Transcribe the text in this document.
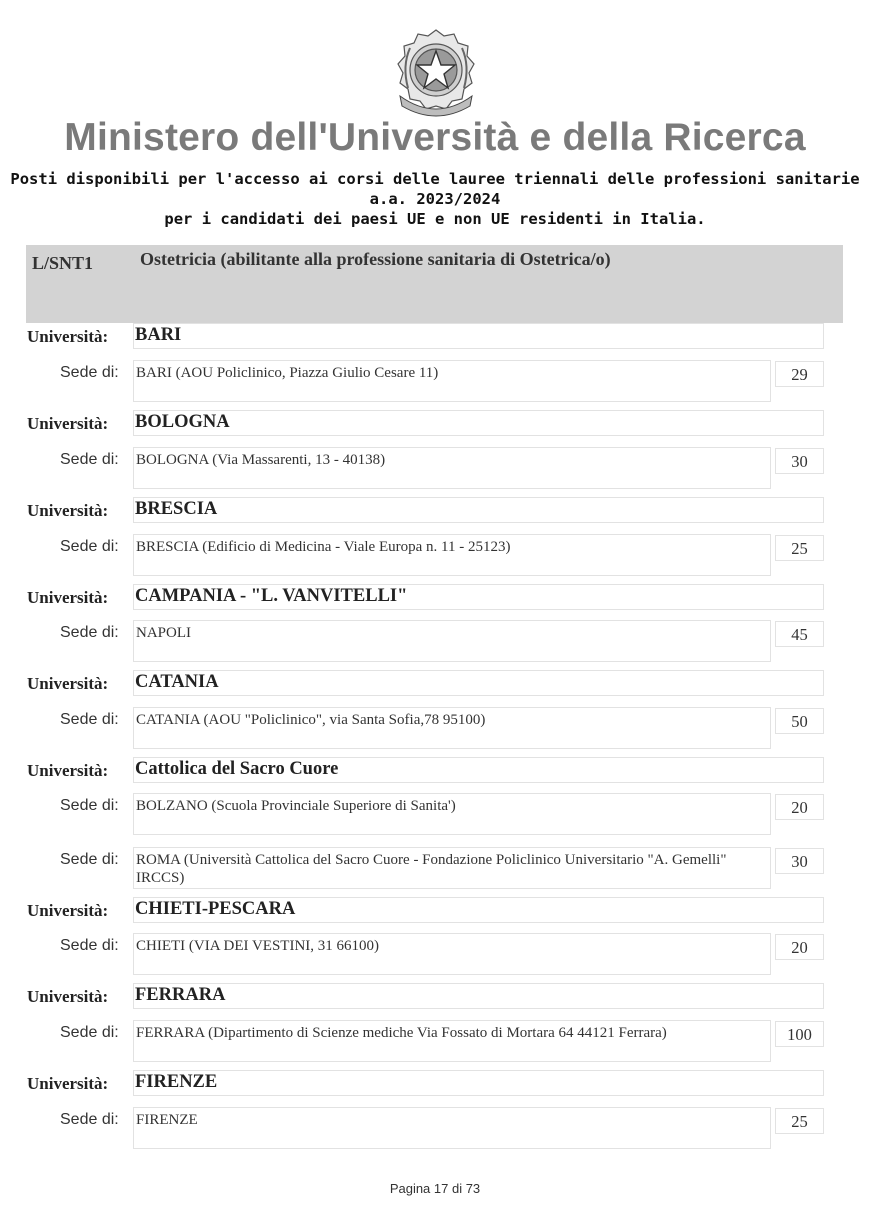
Ministero dell'Università e della Ricerca
Posti disponibili per l'accesso ai corsi delle lauree triennali delle professioni sanitarie
a.a. 2023/2024
per i candidati dei paesi UE e non UE residenti in Italia.
L/SNT1	Ostetricia (abilitante alla professione sanitaria di Ostetrica/o)
Università: BARI
Sede di: BARI (AOU Policlinico, Piazza Giulio Cesare 11)	29
Università: BOLOGNA
Sede di: BOLOGNA (Via Massarenti, 13 - 40138)	30
Università: BRESCIA
Sede di: BRESCIA (Edificio di Medicina - Viale Europa n. 11 - 25123)	25
Università: CAMPANIA - "L. VANVITELLI"
Sede di: NAPOLI	45
Università: CATANIA
Sede di: CATANIA (AOU "Policlinico", via Santa Sofia,78 95100)	50
Università: Cattolica del Sacro Cuore
Sede di: BOLZANO (Scuola Provinciale Superiore di Sanita')	20
Sede di: ROMA (Università Cattolica del Sacro Cuore - Fondazione Policlinico Universitario "A. Gemelli" IRCCS)
30
Università: CHIETI-PESCARA
Sede di: CHIETI (VIA DEI VESTINI, 31 66100)	20
Università: FERRARA
Sede di: FERRARA (Dipartimento di Scienze mediche Via Fossato di Mortara 64 44121 Ferrara)	100
Università: FIRENZE
Sede di: FIRENZE	25
Pagina 17 di 73
